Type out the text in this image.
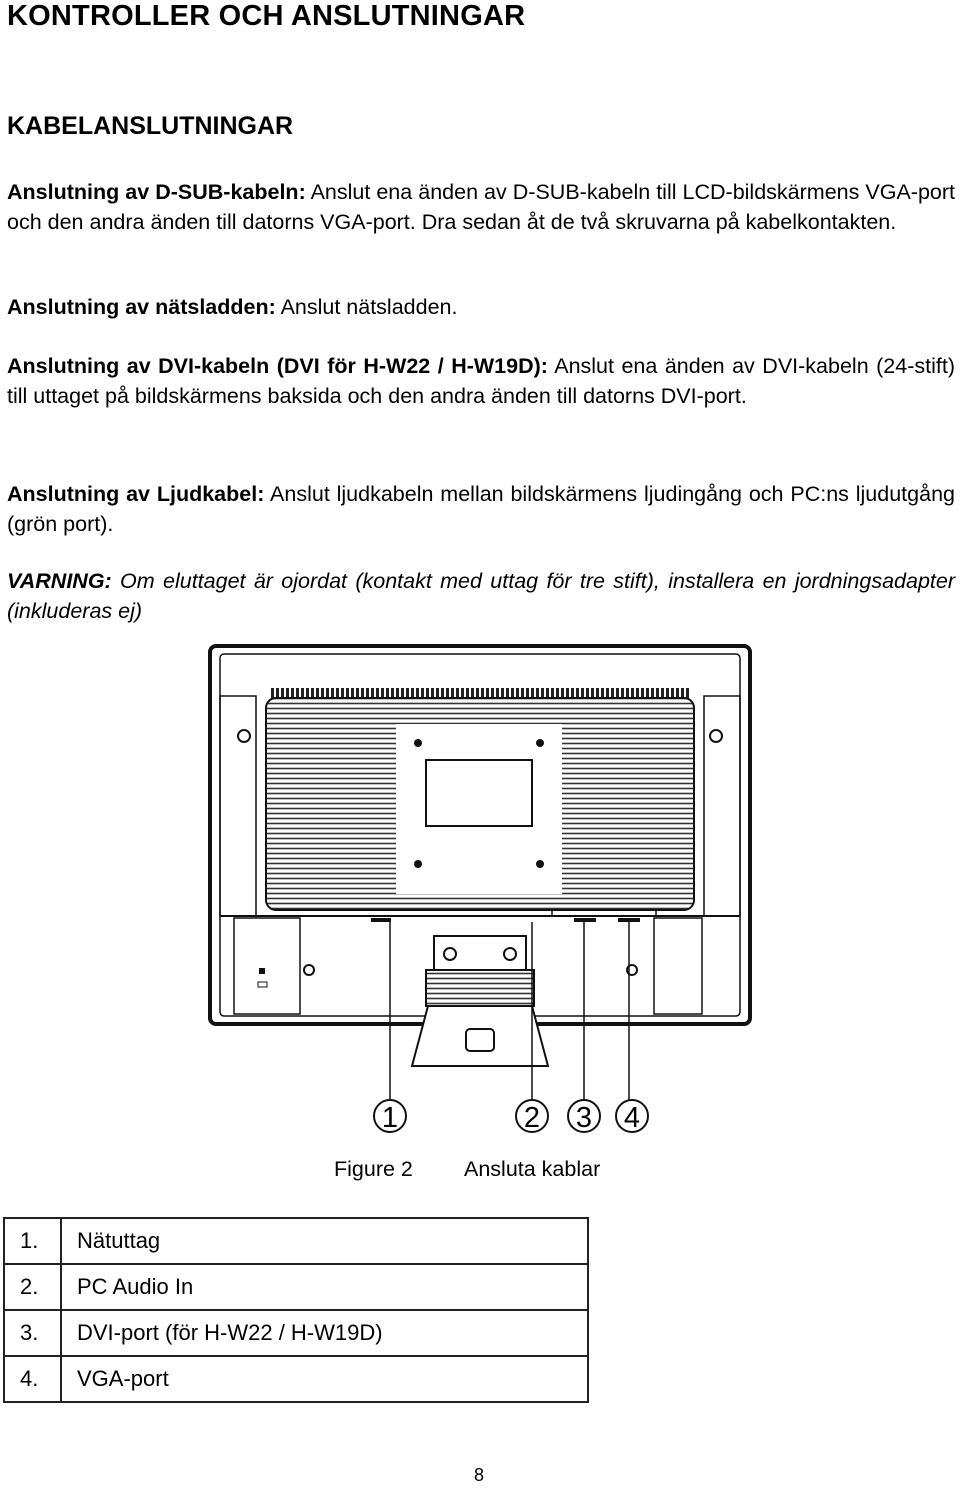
KONTROLLER OCH ANSLUTNINGAR
KABELANSLUTNINGAR
Anslutning av D-SUB-kabeln: Anslut ena änden av D-SUB-kabeln till LCD-bildskärmens VGA-port och den andra änden till datorns VGA-port. Dra sedan åt de två skruvarna på kabelkontakten.
Anslutning av nätsladden: Anslut nätsladden.
Anslutning av DVI-kabeln (DVI för H-W22 / H-W19D): Anslut ena änden av DVI-kabeln (24-stift) till uttaget på bildskärmens baksida och den andra änden till datorns DVI-port.
Anslutning av Ljudkabel: Anslut ljudkabeln mellan bildskärmens ljudingång och PC:ns ljudutgång (grön port).
VARNING: Om eluttaget är ojordat (kontakt med uttag för tre stift), installera en jordningsadapter (inkluderas ej)
1	2 3 4
Figure 2 Ansluta kablar
1.	Nätuttag
2.	PC Audio In
3.	DVI-port (för H-W22 / H-W19D)
4.	VGA-port
8
